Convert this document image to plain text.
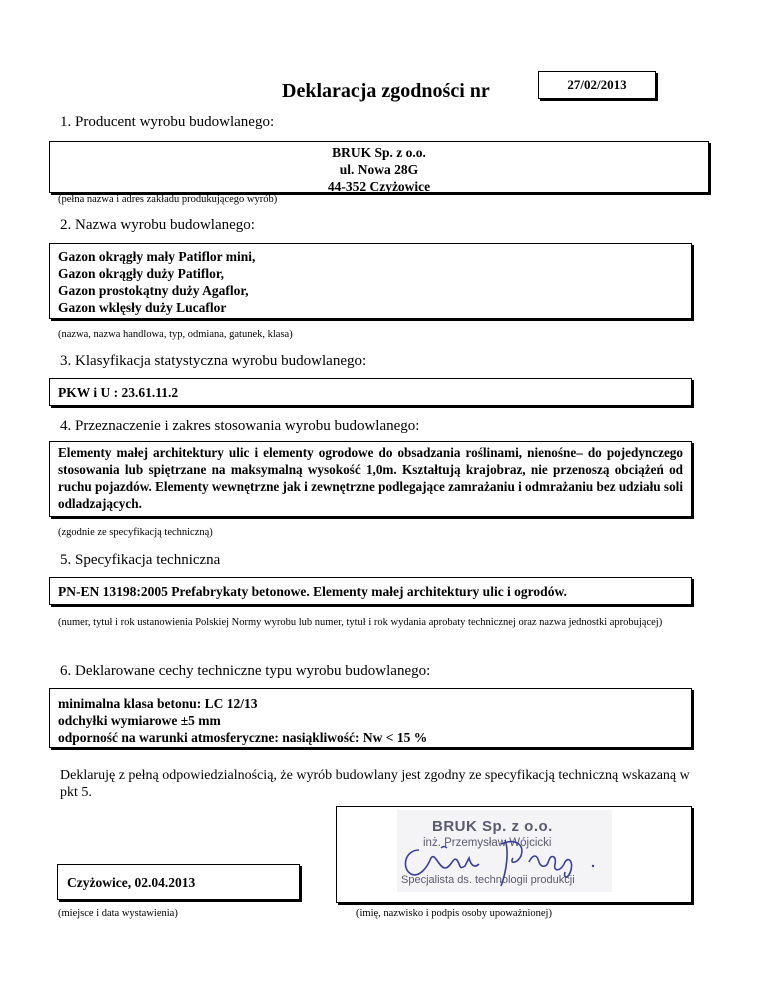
Deklaracja zgodności nr	27/02/2013
1. Producent wyrobu budowlanego:
BRUK Sp. z o.o.
ul. Nowa 28G
44-352 Czyżowice
(pełna nazwa i adres zakładu produkującego wyrób)
2. Nazwa wyrobu budowlanego:
Gazon okrągły mały Patiflor mini,
Gazon okrągły duży Patiflor,
Gazon prostokątny duży Agaflor,
Gazon wklęsły duży Lucaflor
(nazwa, nazwa handlowa, typ, odmiana, gatunek, klasa)
3. Klasyfikacja statystyczna wyrobu budowlanego:
PKW i U : 23.61.11.2
4. Przeznaczenie i zakres stosowania wyrobu budowlanego:
Elementy małej architektury ulic i elementy ogrodowe do obsadzania roślinami, nienośne– do pojedynczego stosowania lub spiętrzane na maksymalną wysokość 1,0m. Kształtują krajobraz, nie przenoszą obciążeń od ruchu pojazdów. Elementy wewnętrzne jak i zewnętrzne podlegające zamrażaniu i odmrażaniu bez udziału soli odladzających.
(zgodnie ze specyfikacją techniczną)
5. Specyfikacja techniczna
PN-EN 13198:2005 Prefabrykaty betonowe. Elementy małej architektury ulic i ogrodów.
(numer, tytuł i rok ustanowienia Polskiej Normy wyrobu lub numer, tytuł i rok wydania aprobaty technicznej oraz nazwa jednostki aprobującej)
6. Deklarowane cechy techniczne typu wyrobu budowlanego:
minimalna klasa betonu: LC 12/13
odchyłki wymiarowe ±5 mm
odporność na warunki atmosferyczne: nasiąkliwość: Nw < 15 %
Deklaruję z pełną odpowiedzialnością, że wyrób budowlany jest zgodny ze specyfikacją techniczną wskazaną w pkt 5.
Czyżowice, 02.04.2013
(miejsce i data wystawienia)
BRUK Sp. z o.o.
inż. Przemysław Wójcicki
Specjalista ds. technologii produkcji
(imię, nazwisko i podpis osoby upoważnionej)
